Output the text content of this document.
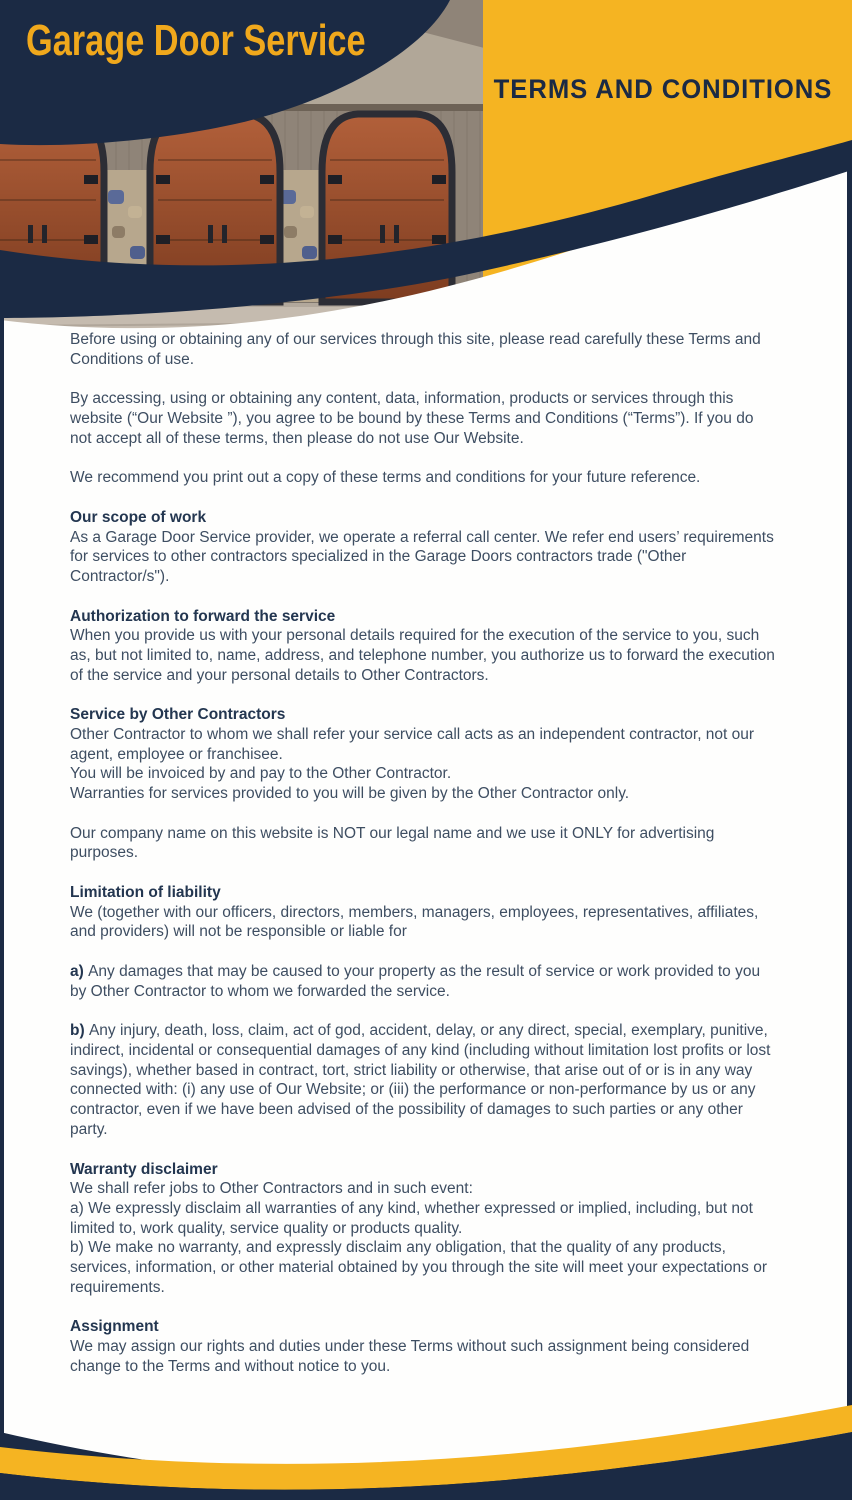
Garage Door Service
TERMS AND CONDITIONS

Before using or obtaining any of our services through this site, please read carefully these Terms and Conditions of use.

By accessing, using or obtaining any content, data, information, products or services through this website (“Our Website ”), you agree to be bound by these Terms and Conditions (“Terms”). If you do not accept all of these terms, then please do not use Our Website.

We recommend you print out a copy of these terms and conditions for your future reference.

Our scope of work

As a Garage Door Service provider, we operate a referral call center. We refer end users’ requirements for services to other contractors specialized in the Garage Doors contractors trade ("Other Contractor/s").

Authorization to forward the service

When you provide us with your personal details required for the execution of the service to you, such as, but not limited to, name, address, and telephone number, you authorize us to forward the execution of the service and your personal details to Other Contractors.

Service by Other Contractors

Other Contractor to whom we shall refer your service call acts as an independent contractor, not our agent, employee or franchisee.

You will be invoiced by and pay to the Other Contractor.

Warranties for services provided to you will be given by the Other Contractor only.

Our company name on this website is NOT our legal name and we use it ONLY for advertising purposes.

Limitation of liability

We (together with our officers, directors, members, managers, employees, representatives, affiliates, and providers) will not be responsible or liable for

a) Any damages that may be caused to your property as the result of service or work provided to you by Other Contractor to whom we forwarded the service.

b) Any injury, death, loss, claim, act of god, accident, delay, or any direct, special, exemplary, punitive, indirect, incidental or consequential damages of any kind (including without limitation lost profits or lost savings), whether based in contract, tort, strict liability or otherwise, that arise out of or is in any way connected with: (i) any use of Our Website; or (iii) the performance or non-performance by us or any contractor, even if we have been advised of the possibility of damages to such parties or any other party.

Warranty disclaimer

We shall refer jobs to Other Contractors and in such event:

a) We expressly disclaim all warranties of any kind, whether expressed or implied, including, but not limited to, work quality, service quality or products quality.

b) We make no warranty, and expressly disclaim any obligation, that the quality of any products, services, information, or other material obtained by you through the site will meet your expectations or requirements.

Assignment

We may assign our rights and duties under these Terms without such assignment being considered change to the Terms and without notice to you.
